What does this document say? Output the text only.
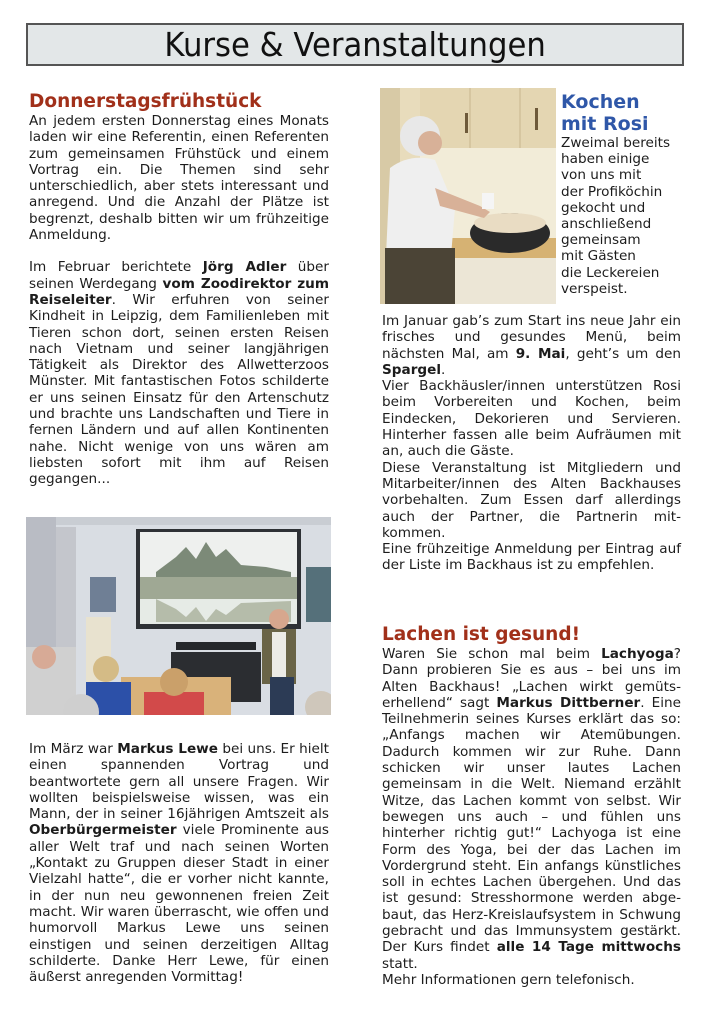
Kurse & Veranstaltungen
Donnerstagsfrühstück

An jedem ersten Donnerstag eines Monats laden wir eine Referentin, einen Referenten zum gemeinsamen Frühstück und einem Vortrag ein. Die Themen sind sehr unterschiedlich, aber stets interessant und anregend. Und die Anzahl der Plätze ist begrenzt, deshalb bitten wir um frühzeitige Anmeldung.

Im Februar berichtete Jörg Adler über seinen Werdegang vom Zoodirektor zum Reiseleiter. Wir erfuhren von seiner Kindheit in Leipzig, dem Familienleben mit Tieren schon dort, seinen ersten Reisen nach Vietnam und seiner langjährigen Tätigkeit als Direktor des Allwetterzoos Münster. Mit fantastischen Fotos schilderte er uns seinen Einsatz für den Artenschutz und brachte uns Landschaften und Tiere in fernen Ländern und auf allen Kontinenten nahe. Nicht wenige von uns wären am liebsten sofort mit ihm auf Reisen gegangen...

Im März war Markus Lewe bei uns. Er hielt einen spannenden Vortrag und beantwortete gern all unsere Fragen. Wir wollten beispielsweise wissen, was ein Mann, der in seiner 16jährigen Amtszeit als Oberbürgermeister viele Prominente aus aller Welt traf und nach seinen Worten „Kontakt zu Gruppen dieser Stadt in einer Vielzahl hatte“, die er vorher nicht kannte, in der nun neu gewonnenen freien Zeit macht. Wir waren überrascht, wie offen und humorvoll Markus Lewe uns seinen einstigen und seinen derzeitigen Alltag schilderte. Danke Herr Lewe, für einen äußerst anregenden Vormittag!

Kochen
mit Rosi
Zweimal bereits
haben einige
von uns mit
der Profiköchin
gekocht und
anschließend
gemeinsam
mit Gästen
die Leckereien
verspeist.

Im Januar gab’s zum Start ins neue Jahr ein frisches und gesundes Menü, beim nächsten Mal, am 9. Mai, geht’s um den Spargel.

Vier Backhäusler/innen unterstützen Rosi beim Vorbereiten und Kochen, beim Eindecken, Dekorieren und Servieren. Hinterher fassen alle beim Aufräumen mit an, auch die Gäste.

Diese Veranstaltung ist Mitgliedern und Mitarbeiter/innen des Alten Backhauses vorbehalten. Zum Essen darf allerdings auch der Partner, die Partnerin mitkommen.

Eine frühzeitige Anmeldung per Eintrag auf der Liste im Backhaus ist zu empfehlen.

Lachen ist gesund!

Waren Sie schon mal beim Lachyoga? Dann probieren Sie es aus – bei uns im Alten Backhaus! „Lachen wirkt gemütserhellend“ sagt Markus Dittberner. Eine Teilnehmerin seines Kurses erklärt das so: „Anfangs machen wir Atemübungen. Dadurch kommen wir zur Ruhe. Dann schicken wir unser lautes Lachen gemeinsam in die Welt. Niemand erzählt Witze, das Lachen kommt von selbst. Wir bewegen uns auch – und fühlen uns hinterher richtig gut!“ Lachyoga ist eine Form des Yoga, bei der das Lachen im Vordergrund steht. Ein anfangs künstliches soll in echtes Lachen übergehen. Und das ist gesund: Stresshormone werden abgebaut, das Herz-Kreislaufsystem in Schwung gebracht und das Immunsystem gestärkt. Der Kurs findet alle 14 Tage mittwochs statt.

Mehr Informationen gern telefonisch.
